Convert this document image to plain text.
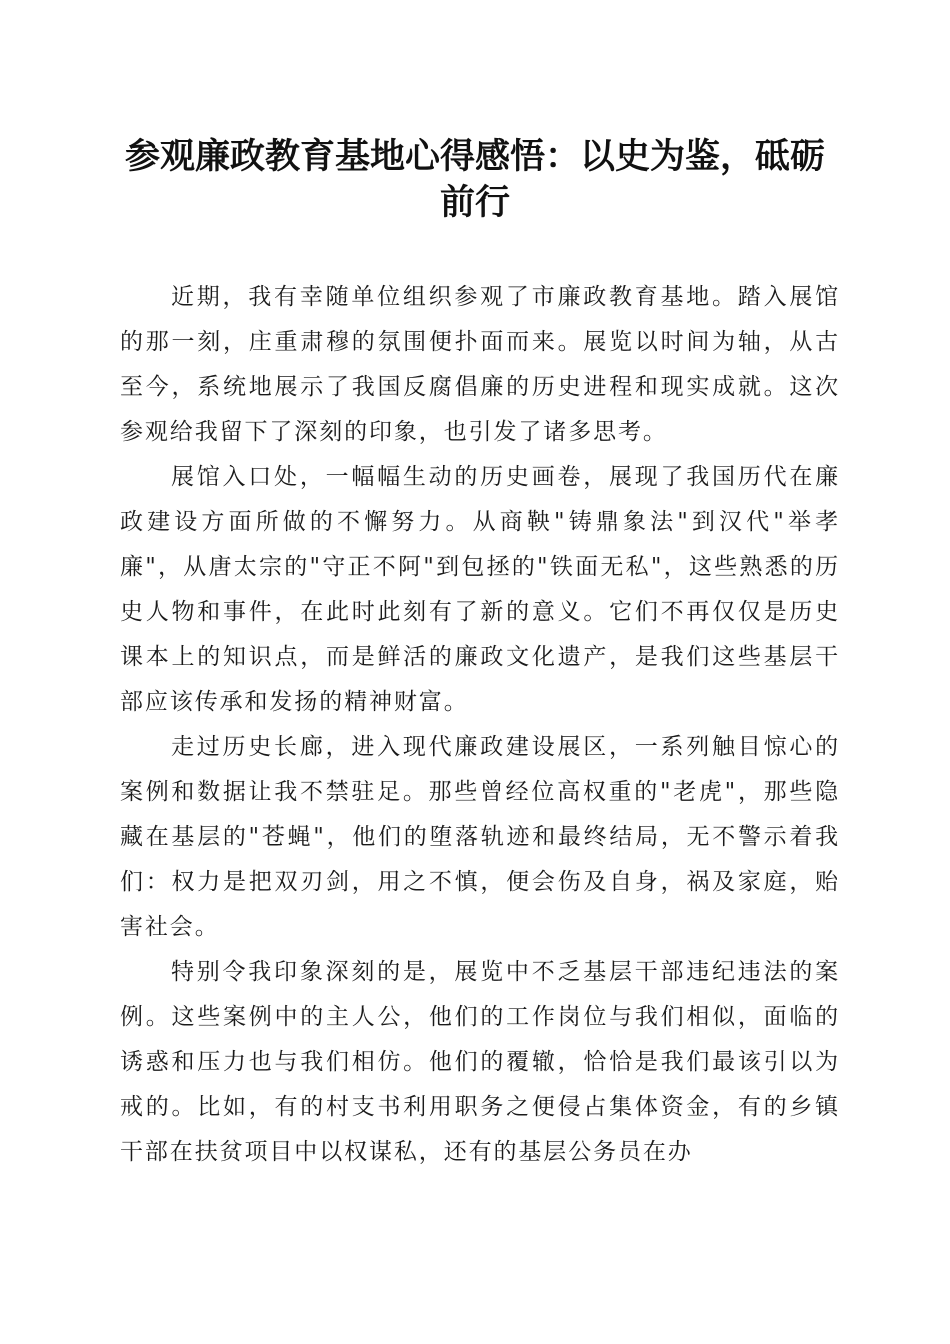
参观廉政教育基地心得感悟：以史为鉴，砥砺前行

近期，我有幸随单位组织参观了市廉政教育基地。踏入展馆的那一刻，庄重肃穆的氛围便扑面而来。展览以时间为轴，从古至今，系统地展示了我国反腐倡廉的历史进程和现实成就。这次参观给我留下了深刻的印象，也引发了诸多思考。

展馆入口处，一幅幅生动的历史画卷，展现了我国历代在廉政建设方面所做的不懈努力。从商鞅"铸鼎象法"到汉代"举孝廉"，从唐太宗的"守正不阿"到包拯的"铁面无私"，这些熟悉的历史人物和事件，在此时此刻有了新的意义。它们不再仅仅是历史课本上的知识点，而是鲜活的廉政文化遗产，是我们这些基层干部应该传承和发扬的精神财富。

走过历史长廊，进入现代廉政建设展区，一系列触目惊心的案例和数据让我不禁驻足。那些曾经位高权重的"老虎"，那些隐藏在基层的"苍蝇"，他们的堕落轨迹和最终结局，无不警示着我们：权力是把双刃剑，用之不慎，便会伤及自身，祸及家庭，贻害社会。

特别令我印象深刻的是，展览中不乏基层干部违纪违法的案例。这些案例中的主人公，他们的工作岗位与我们相似，面临的诱惑和压力也与我们相仿。他们的覆辙，恰恰是我们最该引以为戒的。比如，有的村支书利用职务之便侵占集体资金，有的乡镇干部在扶贫项目中以权谋私，还有的基层公务员在办
